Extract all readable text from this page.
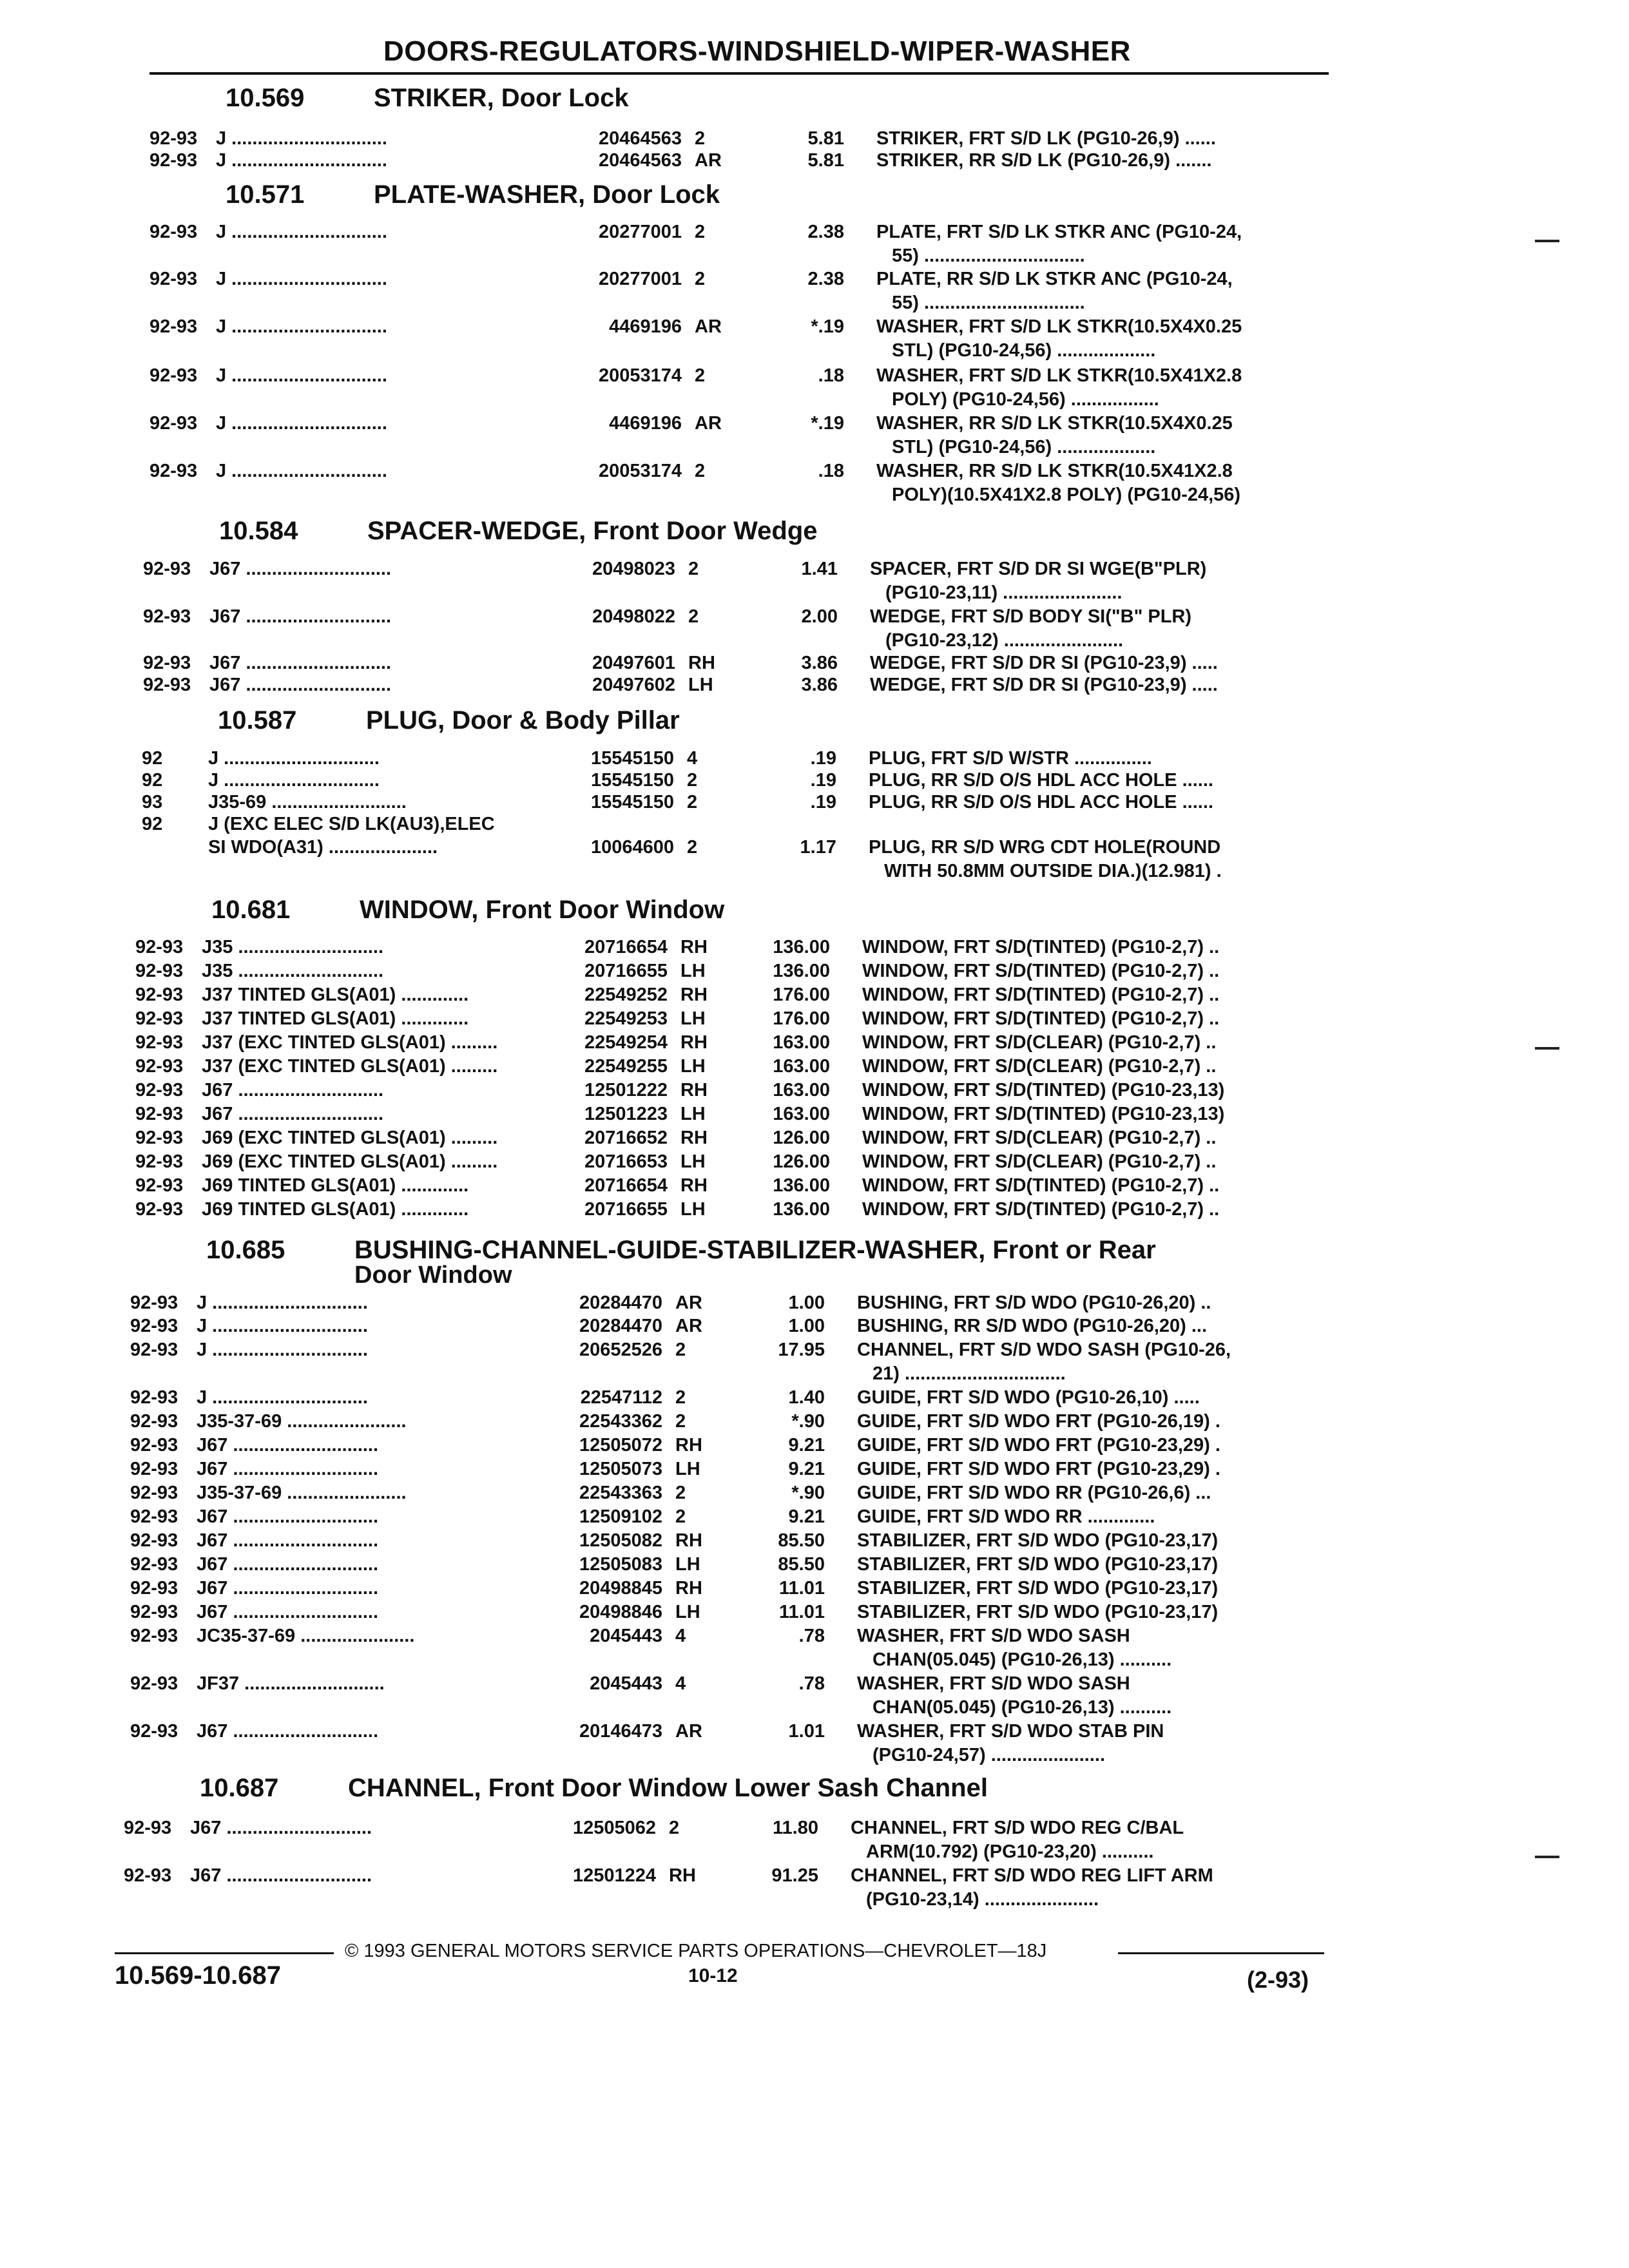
DOORS-REGULATORS-WINDSHIELD-WIPER-WASHER
10.569	STRIKER, Door Lock
92-93 J ..............................	20464563 2	5.81 STRIKER, FRT S/D LK (PG10-26,9) ......
92-93 J ..............................	20464563 AR	5.81 STRIKER, RR S/D LK (PG10-26,9) .......
10.571	PLATE-WASHER, Door Lock
92-93 J ..............................	20277001 2	2.38 PLATE, FRT S/D LK STKR ANC (PG10-24,
55) ...............................
92-93 J ..............................	20277001 2	2.38 PLATE, RR S/D LK STKR ANC (PG10-24,
55) ...............................
92-93 J ..............................	4469196 AR	*.19 WASHER, FRT S/D LK STKR(10.5X4X0.25
STL) (PG10-24,56) ...................
92-93 J ..............................	20053174 2	.18 WASHER, FRT S/D LK STKR(10.5X41X2.8
POLY) (PG10-24,56) .................
92-93 J ..............................	4469196 AR	*.19 WASHER, RR S/D LK STKR(10.5X4X0.25
STL) (PG10-24,56) ...................
92-93 J ..............................	20053174 2	.18 WASHER, RR S/D LK STKR(10.5X41X2.8
POLY)(10.5X41X2.8 POLY) (PG10-24,56)
10.584	SPACER-WEDGE, Front Door Wedge
92-93 J67 ............................	20498023 2	1.41 SPACER, FRT S/D DR SI WGE(B"PLR)
(PG10-23,11) .......................
92-93 J67 ............................	20498022 2	2.00 WEDGE, FRT S/D BODY SI("B" PLR)
(PG10-23,12) .......................
92-93 J67 ............................	20497601 RH	3.86 WEDGE, FRT S/D DR SI (PG10-23,9) .....
92-93 J67 ............................	20497602 LH	3.86 WEDGE, FRT S/D DR SI (PG10-23,9) .....
10.587	PLUG, Door & Body Pillar
92 J ..............................	15545150 4	.19 PLUG, FRT S/D W/STR ...............
92 J ..............................	15545150 2	.19 PLUG, RR S/D O/S HDL ACC HOLE ......
93 J35-69 ..........................	15545150 2	.19 PLUG, RR S/D O/S HDL ACC HOLE ......
92 J (EXC ELEC S/D LK(AU3),ELEC
SI WDO(A31) .....................	10064600 2	1.17 PLUG, RR S/D WRG CDT HOLE(ROUND
WITH 50.8MM OUTSIDE DIA.)(12.981) .
10.681	WINDOW, Front Door Window
92-93 J35 ............................	20716654 RH	136.00 WINDOW, FRT S/D(TINTED) (PG10-2,7) ..
92-93 J35 ............................	20716655 LH	136.00 WINDOW, FRT S/D(TINTED) (PG10-2,7) ..
92-93 J37 TINTED GLS(A01) .............	22549252 RH	176.00 WINDOW, FRT S/D(TINTED) (PG10-2,7) ..
92-93 J37 TINTED GLS(A01) .............	22549253 LH	176.00 WINDOW, FRT S/D(TINTED) (PG10-2,7) ..
92-93 J37 (EXC TINTED GLS(A01) .........	22549254 RH	163.00 WINDOW, FRT S/D(CLEAR) (PG10-2,7) ..
92-93 J37 (EXC TINTED GLS(A01) .........	22549255 LH	163.00 WINDOW, FRT S/D(CLEAR) (PG10-2,7) ..
92-93 J67 ............................	12501222 RH	163.00 WINDOW, FRT S/D(TINTED) (PG10-23,13)
92-93 J67 ............................	12501223 LH	163.00 WINDOW, FRT S/D(TINTED) (PG10-23,13)
92-93 J69 (EXC TINTED GLS(A01) .........	20716652 RH	126.00 WINDOW, FRT S/D(CLEAR) (PG10-2,7) ..
92-93 J69 (EXC TINTED GLS(A01) .........	20716653 LH	126.00 WINDOW, FRT S/D(CLEAR) (PG10-2,7) ..
92-93 J69 TINTED GLS(A01) .............	20716654 RH	136.00 WINDOW, FRT S/D(TINTED) (PG10-2,7) ..
92-93 J69 TINTED GLS(A01) .............	20716655 LH	136.00 WINDOW, FRT S/D(TINTED) (PG10-2,7) ..
10.685	BUSHING-CHANNEL-GUIDE-STABILIZER-WASHER, Front or Rear
Door Window
92-93 J ..............................	20284470 AR	1.00 BUSHING, FRT S/D WDO (PG10-26,20) ..
92-93 J ..............................	20284470 AR	1.00 BUSHING, RR S/D WDO (PG10-26,20) ...
92-93 J ..............................	20652526 2	17.95 CHANNEL, FRT S/D WDO SASH (PG10-26,
21) ...............................
92-93 J ..............................	22547112 2	1.40 GUIDE, FRT S/D WDO (PG10-26,10) .....
92-93 J35-37-69 .......................	22543362 2	*.90 GUIDE, FRT S/D WDO FRT (PG10-26,19) .
92-93 J67 ............................	12505072 RH	9.21 GUIDE, FRT S/D WDO FRT (PG10-23,29) .
92-93 J67 ............................	12505073 LH	9.21 GUIDE, FRT S/D WDO FRT (PG10-23,29) .
92-93 J35-37-69 .......................	22543363 2	*.90 GUIDE, FRT S/D WDO RR (PG10-26,6) ...
92-93 J67 ............................	12509102 2	9.21 GUIDE, FRT S/D WDO RR .............
92-93 J67 ............................	12505082 RH	85.50 STABILIZER, FRT S/D WDO (PG10-23,17)
92-93 J67 ............................	12505083 LH	85.50 STABILIZER, FRT S/D WDO (PG10-23,17)
92-93 J67 ............................	20498845 RH	11.01 STABILIZER, FRT S/D WDO (PG10-23,17)
92-93 J67 ............................	20498846 LH	11.01 STABILIZER, FRT S/D WDO (PG10-23,17)
92-93 JC35-37-69 ......................	2045443 4	.78 WASHER, FRT S/D WDO SASH
CHAN(05.045) (PG10-26,13) ..........
92-93 JF37 ...........................	2045443 4	.78 WASHER, FRT S/D WDO SASH
CHAN(05.045) (PG10-26,13) ..........
92-93 J67 ............................	20146473 AR	1.01 WASHER, FRT S/D WDO STAB PIN
(PG10-24,57) ......................
10.687	CHANNEL, Front Door Window Lower Sash Channel
92-93 J67 ............................	12505062 2	11.80 CHANNEL, FRT S/D WDO REG C/BAL
ARM(10.792) (PG10-23,20) ..........
92-93 J67 ............................	12501224 RH	91.25 CHANNEL, FRT S/D WDO REG LIFT ARM
(PG10-23,14) ......................
© 1993 GENERAL MOTORS SERVICE PARTS OPERATIONS—CHEVROLET—18J
10.569-10.687	10-12	(2-93)
